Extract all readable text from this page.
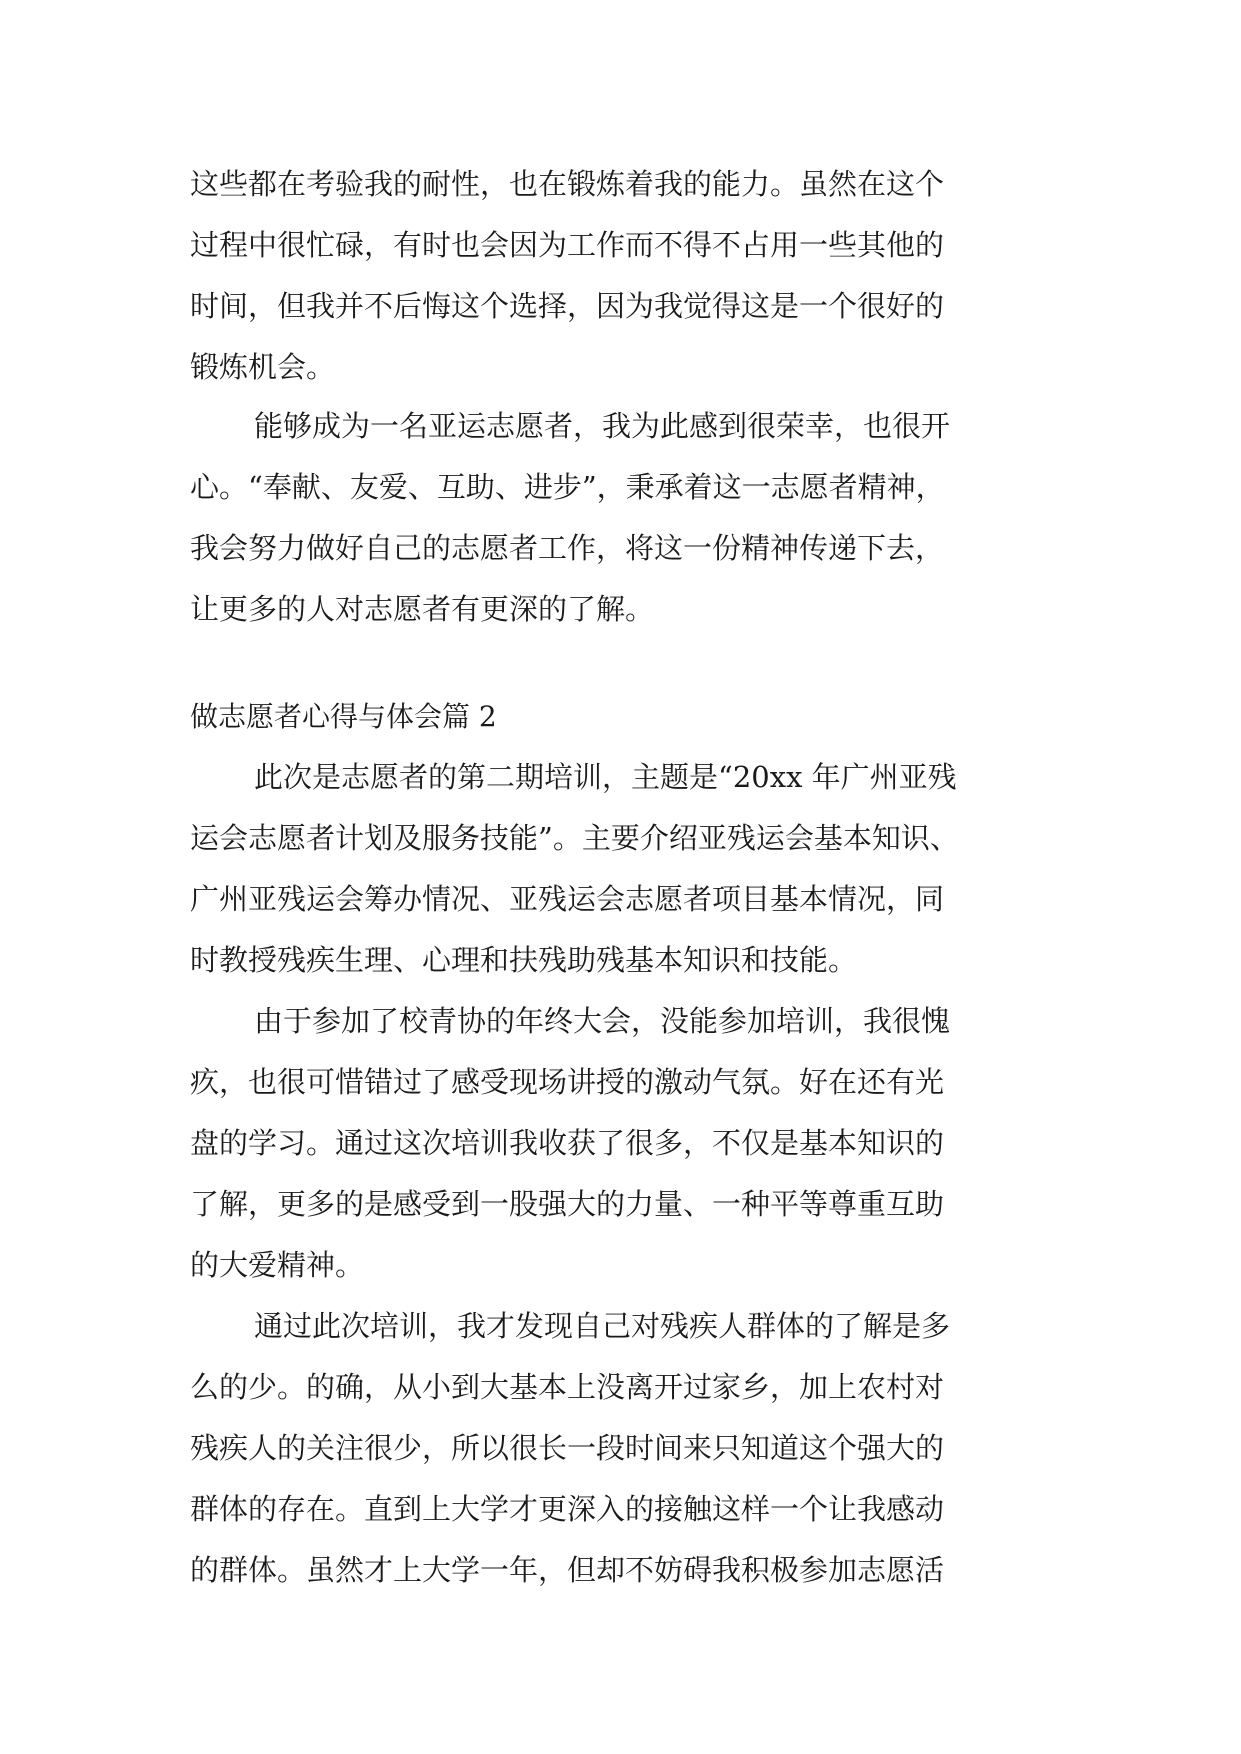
这些都在考验我的耐性，也在锻炼着我的能力。虽然在这个
过程中很忙碌，有时也会因为工作而不得不占用一些其他的
时间，但我并不后悔这个选择，因为我觉得这是一个很好的
锻炼机会。
能够成为一名亚运志愿者，我为此感到很荣幸，也很开
心。“奉献、友爱、互助、进步”，秉承着这一志愿者精神，
我会努力做好自己的志愿者工作，将这一份精神传递下去，
让更多的人对志愿者有更深的了解。
做志愿者心得与体会篇 2
此次是志愿者的第二期培训，主题是“20xx 年广州亚残
运会志愿者计划及服务技能”。主要介绍亚残运会基本知识、
广州亚残运会筹办情况、亚残运会志愿者项目基本情况，同
时教授残疾生理、心理和扶残助残基本知识和技能。
由于参加了校青协的年终大会，没能参加培训，我很愧
疚，也很可惜错过了感受现场讲授的激动气氛。好在还有光
盘的学习。通过这次培训我收获了很多，不仅是基本知识的
了解，更多的是感受到一股强大的力量、一种平等尊重互助
的大爱精神。
通过此次培训，我才发现自己对残疾人群体的了解是多
么的少。的确，从小到大基本上没离开过家乡，加上农村对
残疾人的关注很少，所以很长一段时间来只知道这个强大的
群体的存在。直到上大学才更深入的接触这样一个让我感动
的群体。虽然才上大学一年，但却不妨碍我积极参加志愿活
